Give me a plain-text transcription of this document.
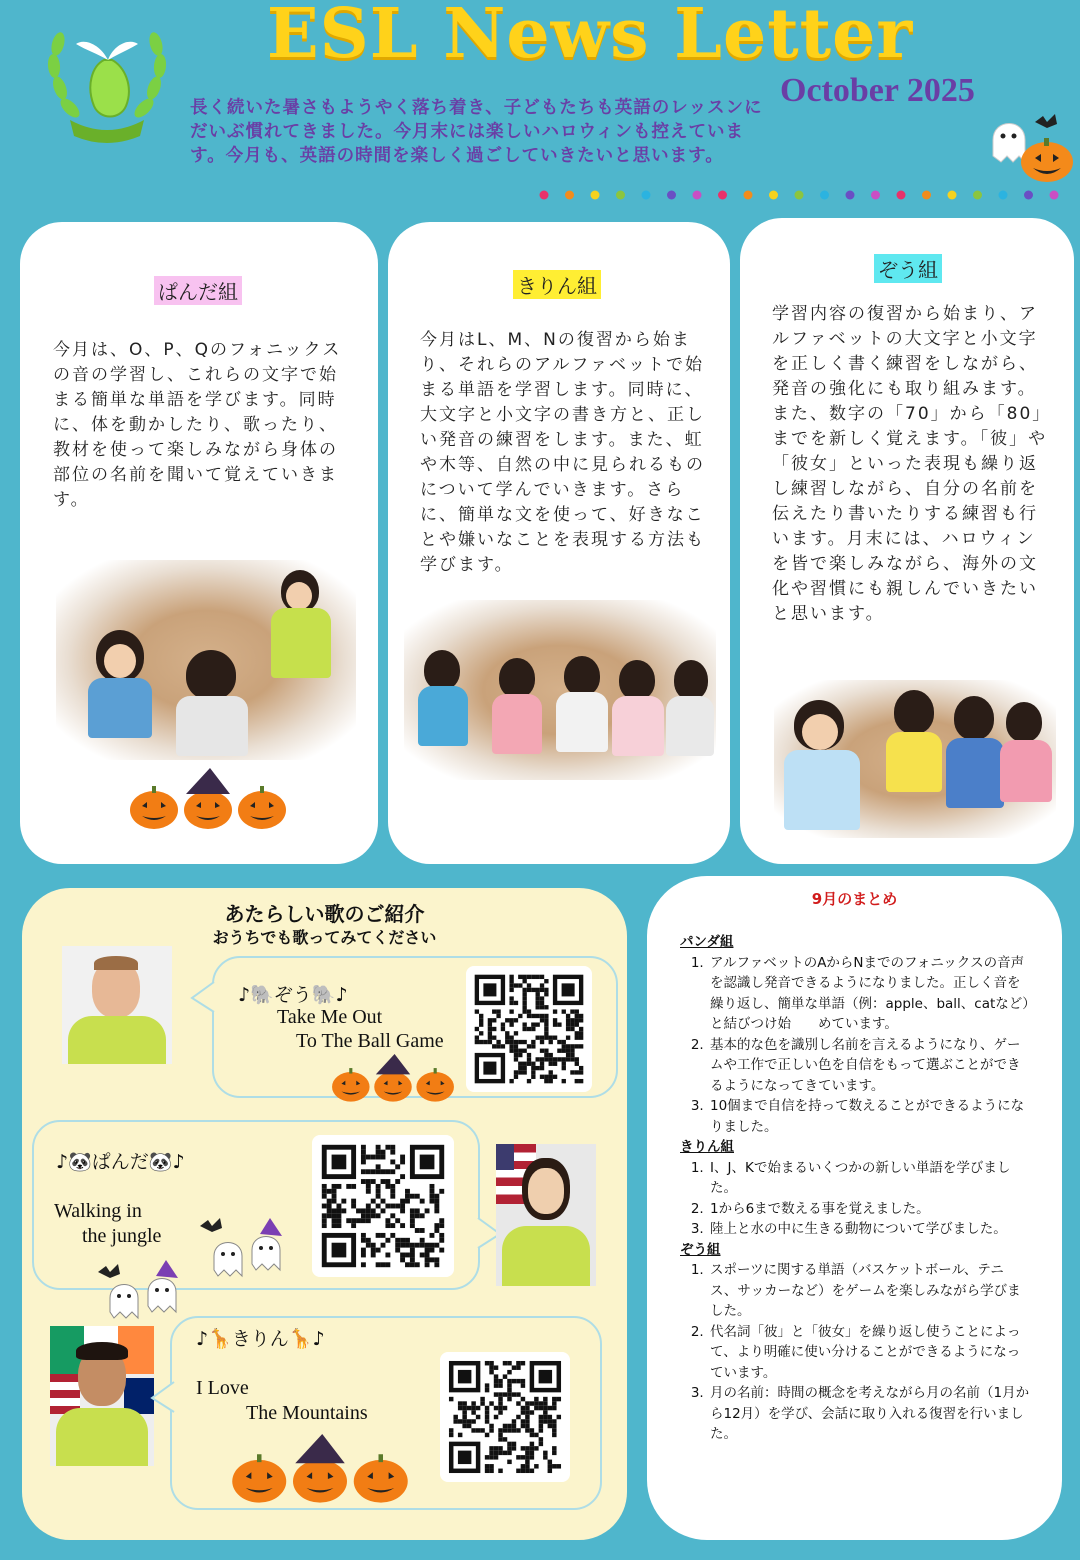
ESL News Letter
October 2025
長く続いた暑さもようやく落ち着き、子どもたちも英語のレッスンにだいぶ慣れてきました。今月末には楽しいハロウィンも控えています。今月も、英語の時間を楽しく過ごしていきたいと思います。
ぱんだ組
今月は、O、P、Qのフォニックスの音の学習し、これらの文字で始まる簡単な単語を学びます。同時に、体を動かしたり、歌ったり、教材を使って楽しみながら身体の部位の名前を聞いて覚えていきます。
きりん組
今月はL、M、Nの復習から始まり、それらのアルファベットで始まる単語を学習します。同時に、大文字と小文字の書き方と、正しい発音の練習をします。また、虹や木等、自然の中に見られるものについて学んでいきます。さらに、簡単な文を使って、好きなことや嫌いなことを表現する方法も学びます。
ぞう組
学習内容の復習から始まり、アルファベットの大文字と小文字を正しく書く練習をしながら、発音の強化にも取り組みます。また、数字の「70」から「80」までを新しく覚えます。「彼」や「彼女」といった表現も繰り返し練習しながら、自分の名前を伝えたり書いたりする練習も行います。月末には、ハロウィンを皆で楽しみながら、海外の文化や習慣にも親しんでいきたいと思います。
あたらしい歌のご紹介
おうちでも歌ってみてください
♪🐘ぞう🐘♪
Take Me Out
To The Ball Game
♪🐼ぱんだ🐼♪
Walking in
the jungle
♪🦒きりん🦒♪
I Love
The Mountains
9月のまとめ
パンダ組
1. アルファベットのAからNまでのフォニックスの音声を認識し発音できるようになりました。正しく音を繰り返し、簡単な単語（例：apple、ball、catなど）と結びつけ始　　めています。
2. 基本的な色を識別し名前を言えるようになり、ゲームや工作で正しい色を自信をもって選ぶことができるようになってきています。
3. 10個まで自信を持って数えることができるようになりました。
きりん組
1. I、J、Kで始まるいくつかの新しい単語を学びました。
2. 1から6まで数える事を覚えました。
3. 陸上と水の中に生きる動物について学びました。
ぞう組
1. スポーツに関する単語（バスケットボール、テニス、サッカーなど）をゲームを楽しみながら学びました。
2. 代名詞「彼」と「彼女」を繰り返し使うことによって、より明確に使い分けることができるようになっています。
3. 月の名前：時間の概念を考えながら月の名前（1月から12月）を学び、会話に取り入れる復習を行いました。
